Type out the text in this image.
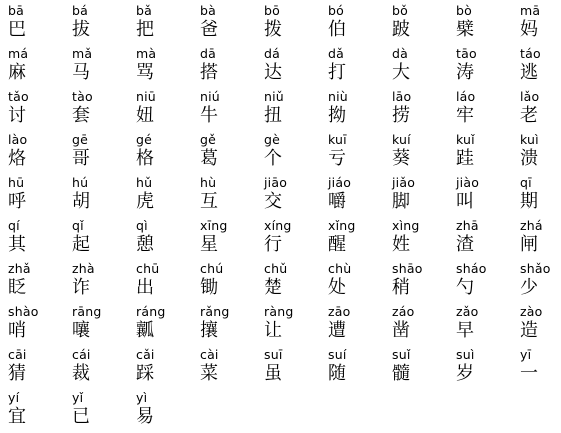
bā
巴
bá
拔
bǎ
把
bà
爸
bō
拨
bó
伯
bǒ
跛
bò
檗
mā
妈
má
麻
mǎ
马
mà
骂
dā
搭
dá
达
dǎ
打
dà
大
tāo
涛
táo
逃
tǎo
讨
tào
套
niū
妞
niú
牛
niǔ
扭
niù
拗
lāo
捞
láo
牢
lǎo
老
lào
烙
gē
哥
gé
格
gě
葛
gè
个
kuī
亏
kuí
葵
kuǐ
跬
kuì
溃
hū
呼
hú
胡
hǔ
虎
hù
互
jiāo
交
jiáo
嚼
jiǎo
脚
jiào
叫
qī
期
qí
其
qǐ
起
qì
憩
xīng
星
xíng
行
xǐng
醒
xìng
姓
zhā
渣
zhá
闸
zhǎ
眨
zhà
诈
chū
出
chú
锄
chǔ
楚
chù
处
shāo
稍
sháo
勺
shǎo
少
shào
哨
rāng
嚷
ráng
瓤
rǎng
攘
ràng
让
zāo
遭
záo
凿
zǎo
早
zào
造
cāi
猜
cái
裁
cǎi
踩
cài
菜
suī
虽
suí
随
suǐ
髓
suì
岁
yī
一
yí
宜
yǐ
已
yì
易
